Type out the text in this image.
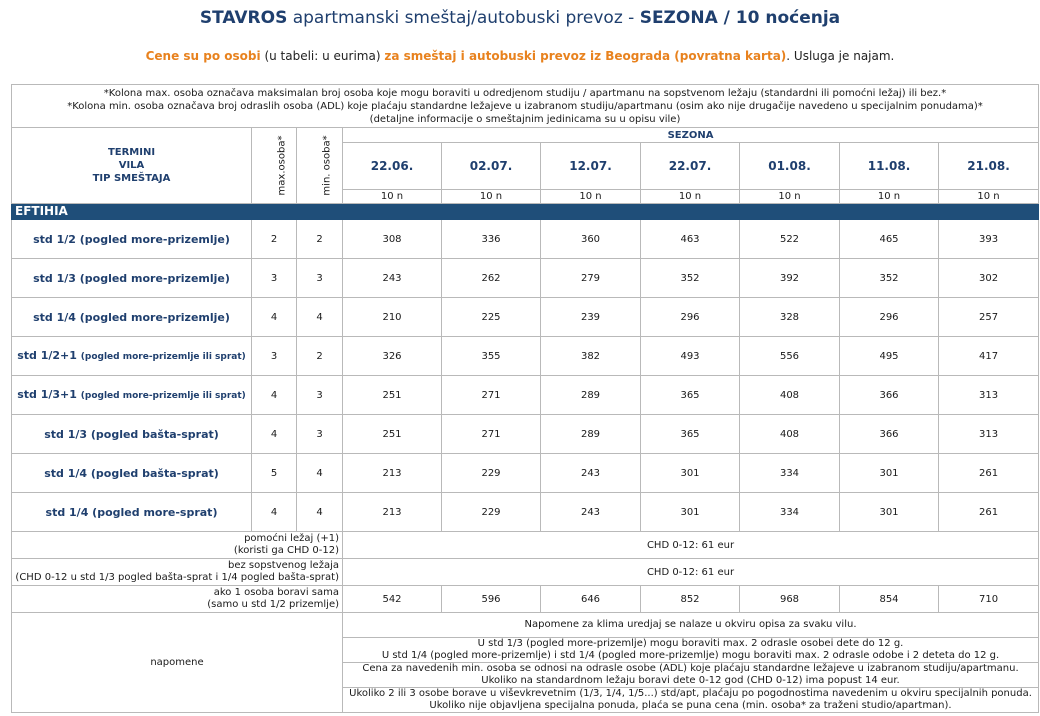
STAVROS apartmanski smeštaj/autobuski prevoz - SEZONA / 10 noćenja
Cene su po osobi (u tabeli: u eurima) za smeštaj i autobuski prevoz iz Beograda (povratna karta). Usluga je najam.
*Kolona max. osoba označava maksimalan broj osoba koje mogu boraviti u odredjenom studiju / apartmanu na sopstvenom ležaju (standardni ili pomoćni ležaj) ili bez.*
*Kolona min. osoba označava broj odraslih osoba (ADL) koje plaćaju standardne ležajeve u izabranom studiju/apartmanu (osim ako nije drugačije navedeno u specijalnim ponudama)*
(detaljne informacije o smeštajnim jedinicama su u opisu vile)									

TERMINI
VILA
TIP SMEŠTAJA	max.osoba*	min. osoba*	SEZONA						
			22.06.	02.07.	12.07.	22.07.	01.08.	11.08.	21.08.
			10 n	10 n	10 n	10 n	10 n	10 n	10 n
EFTIHIA									
std 1/2 (pogled more-prizemlje)	2	2	308	336	360	463	522	465	393
std 1/3 (pogled more-prizemlje)	3	3	243	262	279	352	392	352	302
std 1/4 (pogled more-prizemlje)	4	4	210	225	239	296	328	296	257
std 1/2+1 (pogled more-prizemlje ili sprat)	3	2	326	355	382	493	556	495	417
std 1/3+1 (pogled more-prizemlje ili sprat)	4	3	251	271	289	365	408	366	313
std 1/3 (pogled bašta-sprat)	4	3	251	271	289	365	408	366	313
std 1/4 (pogled bašta-sprat)	5	4	213	229	243	301	334	301	261
std 1/4 (pogled more-sprat)	4	4	213	229	243	301	334	301	261

pomoćni ležaj (+1)
(koristi ga CHD 0-12)			CHD 0-12: 61 eur						

bez sopstvenog ležaja
(CHD 0-12 u std 1/3 pogled bašta-sprat i 1/4 pogled bašta-sprat)			CHD 0-12: 61 eur						

ako 1 osoba boravi sama
(samo u std 1/2 prizemlje)			542	596	646	852	968	854	710
napomene			Napomene za klima uredjaj se nalaze u okviru opisa za svaku vilu.						

			U std 1/3 (pogled more-prizemlje) mogu boraviti max. 2 odrasle osobei dete do 12 g.
U std 1/4 (pogled more-prizemlje) i std 1/4 (pogled more-prizemlje) mogu boraviti max. 2 odrasle odobe i 2 deteta do 12 g.						

			Cena za navedenih min. osoba se odnosi na odrasle osobe (ADL) koje plaćaju standardne ležajeve u izabranom studiju/apartmanu.
Ukoliko na standardnom ležaju boravi dete 0-12 god (CHD 0-12) ima popust 14 eur.						

			Ukoliko 2 ili 3 osobe borave u viševkrevetnim (1/3, 1/4, 1/5...) std/apt, plaćaju po pogodnostima navedenim u okviru specijalnih ponuda.
Ukoliko nije objavljena specijalna ponuda, plaća se puna cena (min. osoba* za traženi studio/apartman).						
